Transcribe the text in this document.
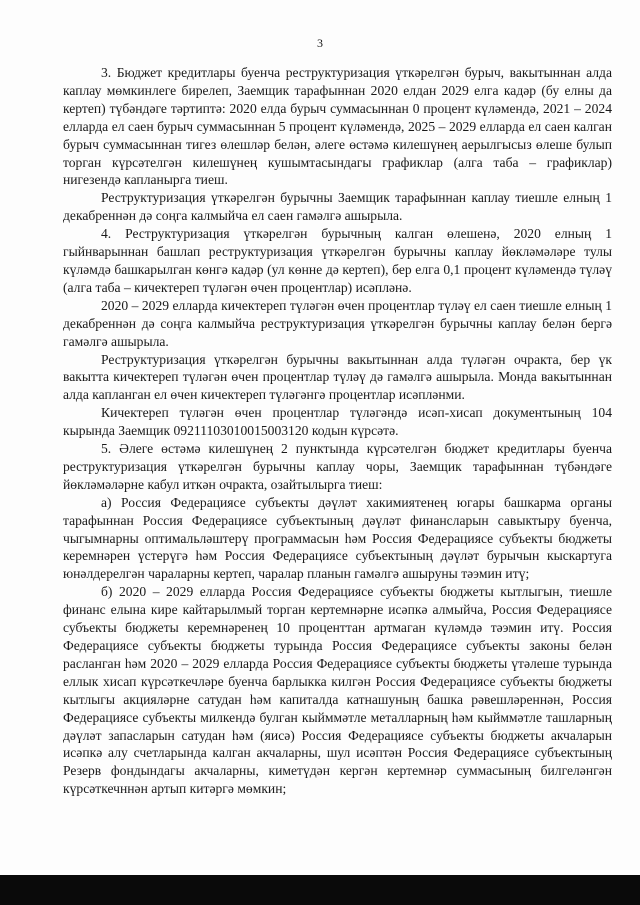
3

3. Бюджет кредитлары буенча реструктуризация үткәрелгән бурыч, вакытыннан алда каплау мөмкинлеге бирелеп, Заемщик тарафыннан 2020 елдан 2029 елга кадәр (бу елны да кертеп) түбәндәге тәртиптә: 2020 елда бурыч суммасыннан 0 процент күләмендә, 2021 – 2024 елларда ел саен бурыч суммасыннан 5 процент күләмендә, 2025 – 2029 елларда ел саен калган бурыч суммасыннан тигез өлешләр белән, әлеге өстәмә килешүнең аерылгысыз өлеше булып торган күрсәтелгән килешүнең кушымтасындагы графиклар (алга таба – графиклар) нигезендә капланырга тиеш.

Реструктуризация үткәрелгән бурычны Заемщик тарафыннан каплау тиешле елның 1 декабреннән дә соңга калмыйча ел саен гамәлгә ашырыла.

4. Реструктуризация үткәрелгән бурычның калган өлешенә, 2020 елның 1 гыйнварыннан башлап реструктуризация үткәрелгән бурычны каплау йөкләмәләре тулы күләмдә башкарылган көнгә кадәр (ул көнне дә кертеп), бер елга 0,1 процент күләмендә түләү (алга таба – кичектереп түләгән өчен процентлар) исәпләнә.

2020 – 2029 елларда кичектереп түләгән өчен процентлар түләү ел саен тиешле елның 1 декабреннән дә соңга калмыйча реструктуризация үткәрелгән бурычны каплау белән бергә гамәлгә ашырыла.

Реструктуризация үткәрелгән бурычны вакытыннан алда түләгән очракта, бер үк вакытта кичектереп түләгән өчен процентлар түләү дә гамәлгә ашырыла. Монда вакытыннан алда капланган ел өчен кичектереп түләгәнгә процентлар исәпләнми.

Кичектереп түләгән өчен процентлар түләгәндә исәп-хисап документының 104 кырында Заемщик 09211103010015003120 кодын күрсәтә.

5. Әлеге өстәмә килешүнең 2 пунктында күрсәтелгән бюджет кредитлары буенча реструктуризация үткәрелгән бурычны каплау чоры, Заемщик тарафыннан түбәндәге йөкләмәләрне кабул иткән очракта, озайтылырга тиеш:

а) Россия Федерациясе субъекты дәүләт хакимиятенең югары башкарма органы тарафыннан Россия Федерациясе субъектының дәүләт финансларын савыктыру буенча, чыгымнарны оптимальләштерү программасын һәм Россия Федерациясе субъекты бюджеты керемнәрен үстерүгә һәм Россия Федерациясе субъектының дәүләт бурычын кыскартуга юнәлдерелгән чараларны кертеп, чаралар планын гамәлгә ашыруны тәэмин итү;

б) 2020 – 2029 елларда Россия Федерациясе субъекты бюджеты кытлыгын, тиешле финанс елына кире кайтарылмый торган кертемнәрне исәпкә алмыйча, Россия Федерациясе субъекты бюджеты керемнәренең 10 проценттан артмаган күләмдә тәэмин итү. Россия Федерациясе субъекты бюджеты турында Россия Федерациясе субъекты законы белән расланган һәм 2020 – 2029 елларда Россия Федерациясе субъекты бюджеты үтәлеше турында еллык хисап күрсәткечләре буенча барлыкка килгән Россия Федерациясе субъекты бюджеты кытлыгы акцияләрне сатудан һәм капиталда катнашуның башка рәвешләреннән, Россия Федерациясе субъекты милкендә булган кыйммәтле металларның һәм кыйммәтле ташларның дәүләт запасларын сатудан һәм (яисә) Россия Федерациясе субъекты бюджеты акчаларын исәпкә алу счетларында калган акчаларны, шул исәптән Россия Федерациясе субъектының Резерв фондындагы акчаларны, киметүдән кергән кертемнәр суммасының билгеләнгән күрсәткечннән артып китәргә мөмкин;
